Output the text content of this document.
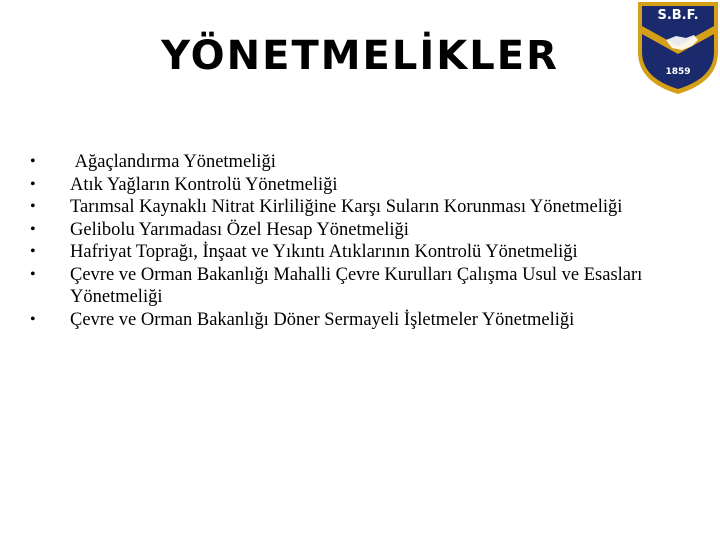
YÖNETMELİKLER
S.B.F.
1859
•	Ağaçlandırma Yönetmeliği
•	Atık Yağların Kontrolü Yönetmeliği
•	Tarımsal Kaynaklı Nitrat Kirliliğine Karşı Suların Korunması Yönetmeliği
•	Gelibolu Yarımadası Özel Hesap Yönetmeliği
•	Hafriyat Toprağı, İnşaat ve Yıkıntı Atıklarının Kontrolü Yönetmeliği
•	Çevre ve Orman Bakanlığı Mahalli Çevre Kurulları Çalışma Usul ve Esasları Yönetmeliği
•	Çevre ve Orman Bakanlığı Döner Sermayeli İşletmeler Yönetmeliği
